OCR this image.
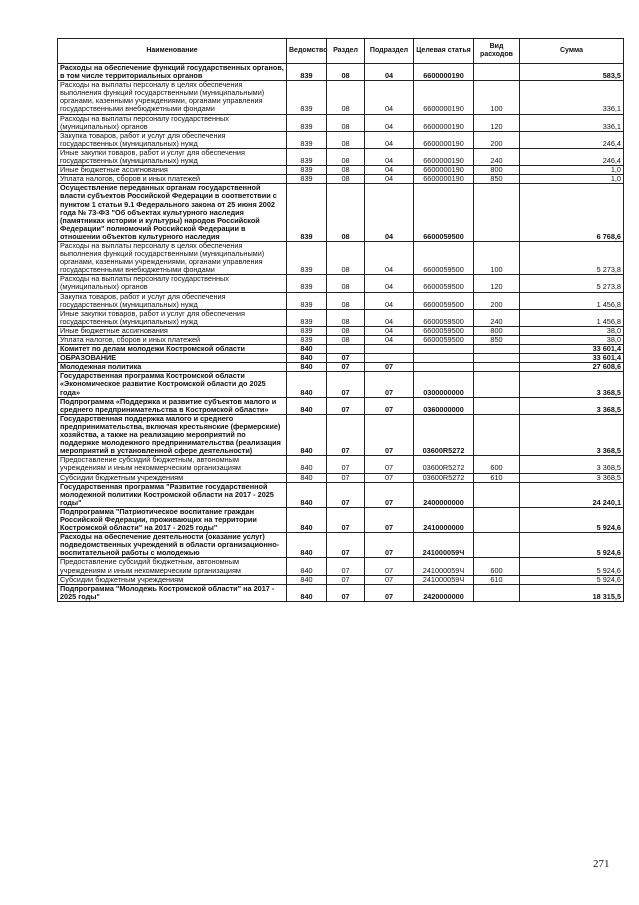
Наименование	Ведомство	Раздел	Подраздел	Целевая статья	Вид расходов	Сумма
Расходы на обеспечение функций государственных органов, в том числе территориальных органов	839	08	04	6600000190		583,5
Расходы на выплаты персоналу в целях обеспечения выполнения функций государственными (муниципальными) органами, казенными учреждениями, органами управления государственными внебюджетными фондами	839	08	04	6600000190	100	336,1
Расходы на выплаты персоналу государственных (муниципальных) органов	839	08	04	6600000190	120	336,1
Закупка товаров, работ и услуг для обеспечения государственных (муниципальных) нужд	839	08	04	6600000190	200	246,4
Иные закупки товаров, работ и услуг для обеспечения государственных (муниципальных) нужд	839	08	04	6600000190	240	246,4
Иные бюджетные ассигнования	839	08	04	6600000190	800	1,0
Уплата налогов, сборов и иных платежей	839	08	04	6600000190	850	1,0
Осуществление переданных органам государственной власти субъектов Российской Федерации в соответствии с пунктом 1 статьи 9.1 Федерального закона от 25 июня 2002 года № 73-ФЗ "Об объектах культурного наследия (памятниках истории и культуры) народов Российской Федерации" полномочий Российской Федерации в отношении объектов культурного наследия	839	08	04	6600059500		6 768,6
Расходы на выплаты персоналу в целях обеспечения выполнения функций государственными (муниципальными) органами, казенными учреждениями, органами управления государственными внебюджетными фондами	839	08	04	6600059500	100	5 273,8
Расходы на выплаты персоналу государственных (муниципальных) органов	839	08	04	6600059500	120	5 273,8
Закупка товаров, работ и услуг для обеспечения государственных (муниципальных) нужд	839	08	04	6600059500	200	1 456,8
Иные закупки товаров, работ и услуг для обеспечения государственных (муниципальных) нужд	839	08	04	6600059500	240	1 456,8
Иные бюджетные ассигнования	839	08	04	6600059500	800	38,0
Уплата налогов, сборов и иных платежей	839	08	04	6600059500	850	38,0
Комитет по делам молодежи Костромской области	840					33 601,4
ОБРАЗОВАНИЕ	840	07				33 601,4
Молодежная политика	840	07	07			27 608,6
Государственная программа Костромской области «Экономическое развитие Костромской области до 2025 года»	840	07	07	0300000000		3 368,5
Подпрограмма «Поддержка и развитие субъектов малого и среднего предпринимательства в Костромской области»	840	07	07	0360000000		3 368,5
Государственная поддержка малого и среднего предпринимательства, включая крестьянские (фермерские) хозяйства, а также на реализацию мероприятий по поддержке молодежного предпринимательства (реализация мероприятий в установленной сфере деятельности)	840	07	07	03600R5272		3 368,5
Предоставление субсидий бюджетным, автономным учреждениям и иным некоммерческим организациям	840	07	07	03600R5272	600	3 368,5
Субсидии бюджетным учреждениям	840	07	07	03600R5272	610	3 368,5
Государственная программа "Развитие государственной молодежной политики Костромской области на 2017 - 2025 годы"	840	07	07	2400000000		24 240,1
Подпрограмма "Патриотическое воспитание граждан Российской Федерации, проживающих на территории Костромской области" на 2017 - 2025 годы"	840	07	07	2410000000		5 924,6
Расходы на обеспечение деятельности (оказание услуг) подведомственных учреждений в области организационно-воспитательной работы с молодежью	840	07	07	241000059Ч		5 924,6
Предоставление субсидий бюджетным, автономным учреждениям и иным некоммерческим организациям	840	07	07	241000059Ч	600	5 924,6
Субсидии бюджетным учреждениям	840	07	07	241000059Ч	610	5 924,6
Подпрограмма "Молодежь Костромской области" на 2017 - 2025 годы"	840	07	07	2420000000		18 315,5
271
